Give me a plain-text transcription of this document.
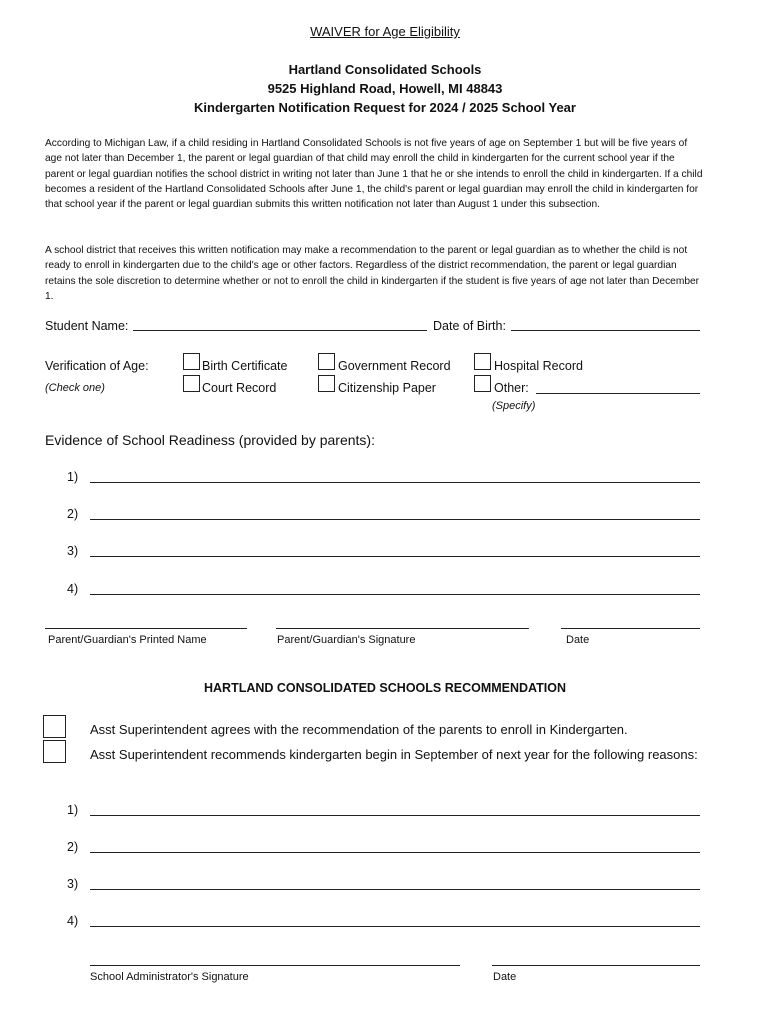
WAIVER for Age Eligibility
Hartland Consolidated Schools
9525 Highland Road, Howell, MI 48843
Kindergarten Notification Request for 2024 / 2025 School Year
According to Michigan Law, if a child residing in Hartland Consolidated Schools is not five years of age on September 1 but will be five years of age not later than December 1, the parent or legal guardian of that child may enroll the child in kindergarten for the current school year if the parent or legal guardian notifies the school district in writing not later than June 1 that he or she intends to enroll the child in kindergarten. If a child becomes a resident of the Hartland Consolidated Schools after June 1, the child's parent or legal guardian may enroll the child in kindergarten for that school year if the parent or legal guardian submits this written notification not later than August 1 under this subsection.
A school district that receives this written notification may make a recommendation to the parent or legal guardian as to whether the child is not ready to enroll in kindergarten due to the child's age or other factors. Regardless of the district recommendation, the parent or legal guardian retains the sole discretion to determine whether or not to enroll the child in kindergarten if the student is five years of age not later than December 1.
Student Name:	Date of Birth:
Verification of Age:
(Check one)
Birth Certificate	Government Record	Hospital Record
Court Record	Citizenship Paper	Other:
(Specify)
Evidence of School Readiness (provided by parents):
1)
2)
3)
4)
Parent/Guardian's Printed Name	Parent/Guardian's Signature	Date
HARTLAND CONSOLIDATED SCHOOLS RECOMMENDATION
Asst Superintendent agrees with the recommendation of the parents to enroll in Kindergarten.
Asst Superintendent recommends kindergarten begin in September of next year for the following reasons:
1)
2)
3)
4)
School Administrator's Signature	Date
